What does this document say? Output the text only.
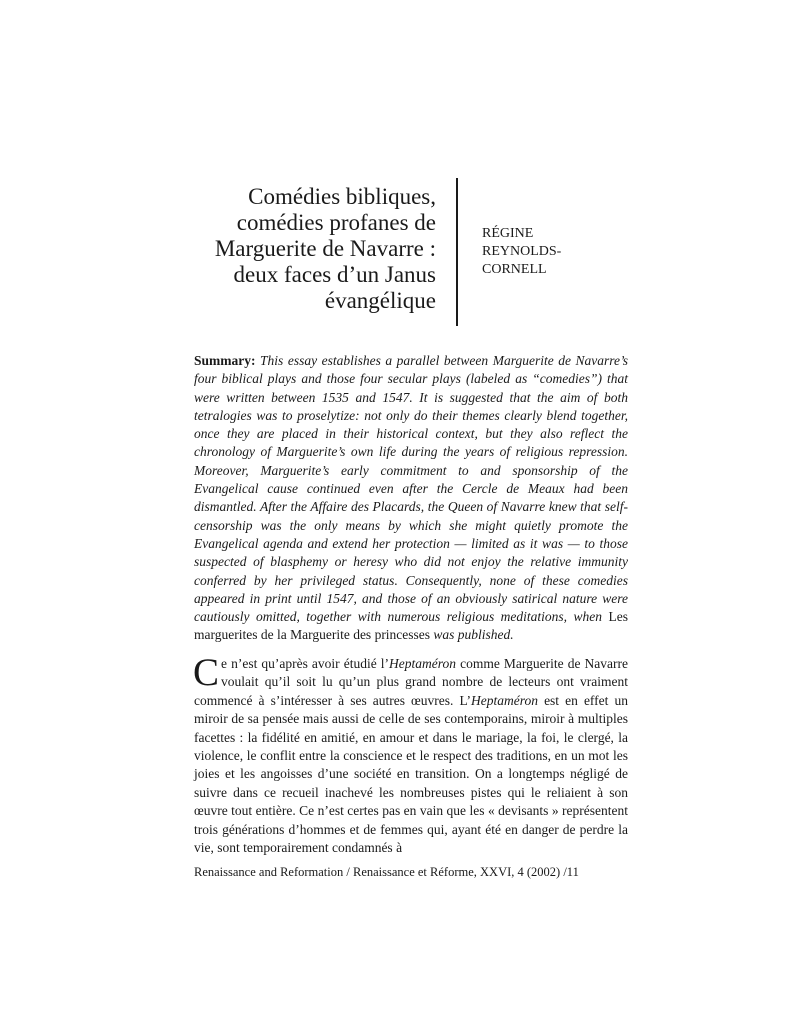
Comédies bibliques,
comédies profanes de
Marguerite de Navarre :
deux faces d’un Janus
évangélique
RÉGINE
REYNOLDS-
CORNELL
Summary: This essay establishes a parallel between Marguerite de Navarre’s four biblical plays and those four secular plays (labeled as “comedies”) that were written between 1535 and 1547. It is suggested that the aim of both tetralogies was to proselytize: not only do their themes clearly blend together, once they are placed in their historical context, but they also reflect the chronology of Marguerite’s own life during the years of religious repression. Moreover, Marguerite’s early commitment to and sponsorship of the Evangelical cause continued even after the Cercle de Meaux had been dismantled. After the Affaire des Placards, the Queen of Navarre knew that self-censorship was the only means by which she might quietly promote the Evangelical agenda and extend her protection — limited as it was — to those suspected of blasphemy or heresy who did not enjoy the relative immunity conferred by her privileged status. Consequently, none of these comedies appeared in print until 1547, and those of an obviously satirical nature were cautiously omitted, together with numerous religious meditations, when Les marguerites de la Marguerite des princesses was published.
Ce n’est qu’après avoir étudié l’Heptaméron comme Marguerite de Navarre voulait qu’il soit lu qu’un plus grand nombre de lecteurs ont vraiment commencé à s’intéresser à ses autres œuvres. L’Heptaméron est en effet un miroir de sa pensée mais aussi de celle de ses contemporains, miroir à multiples facettes : la fidélité en amitié, en amour et dans le mariage, la foi, le clergé, la violence, le conflit entre la conscience et le respect des traditions, en un mot les joies et les angoisses d’une société en transition. On a longtemps négligé de suivre dans ce recueil inachevé les nombreuses pistes qui le reliaient à son œuvre tout entière. Ce n’est certes pas en vain que les « devisants » représentent trois générations d’hommes et de femmes qui, ayant été en danger de perdre la vie, sont temporairement condamnés à
Renaissance and Reformation / Renaissance et Réforme, XXVI, 4 (2002) /11
